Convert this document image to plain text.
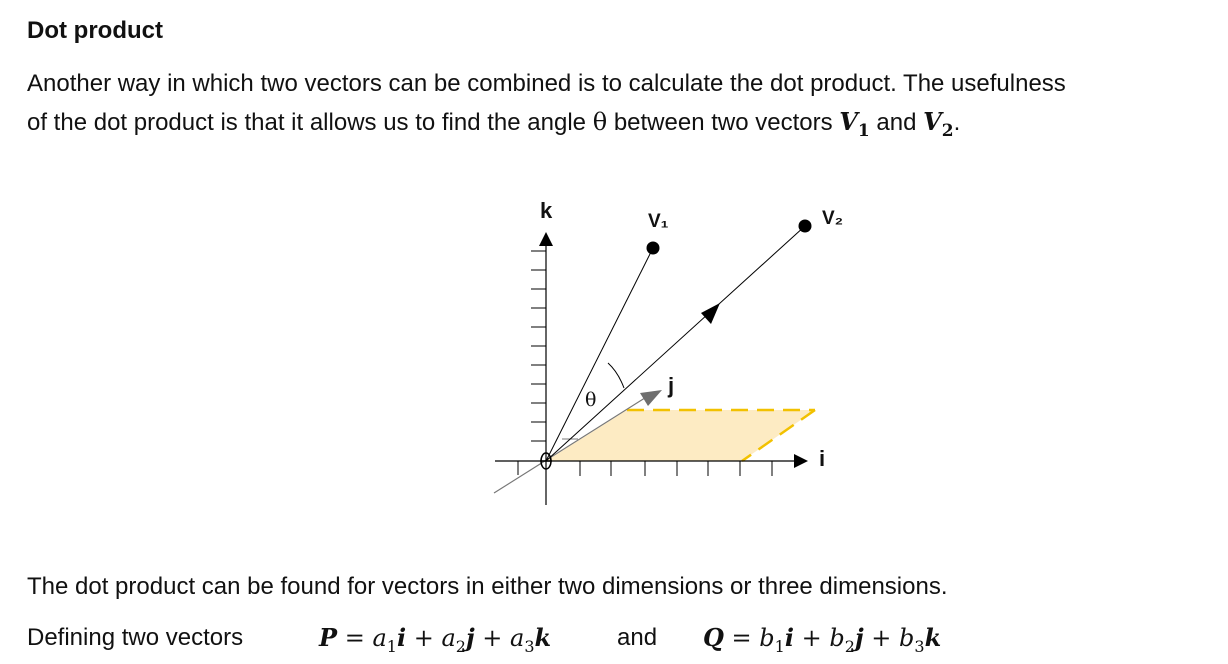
Dot product
Another way in which two vectors can be combined is to calculate the dot product. The usefulness
of the dot product is that it allows us to find the angle θ between two vectors $V_1$ and $V_2$.
k	V₁	V₂
j
i
θ
The dot product can be found for vectors in either two dimensions or three dimensions.
Defining two vectors	$P = a_1i + a_2j + a_3k$	and $Q = b_1i + b_2j + b_3k$
